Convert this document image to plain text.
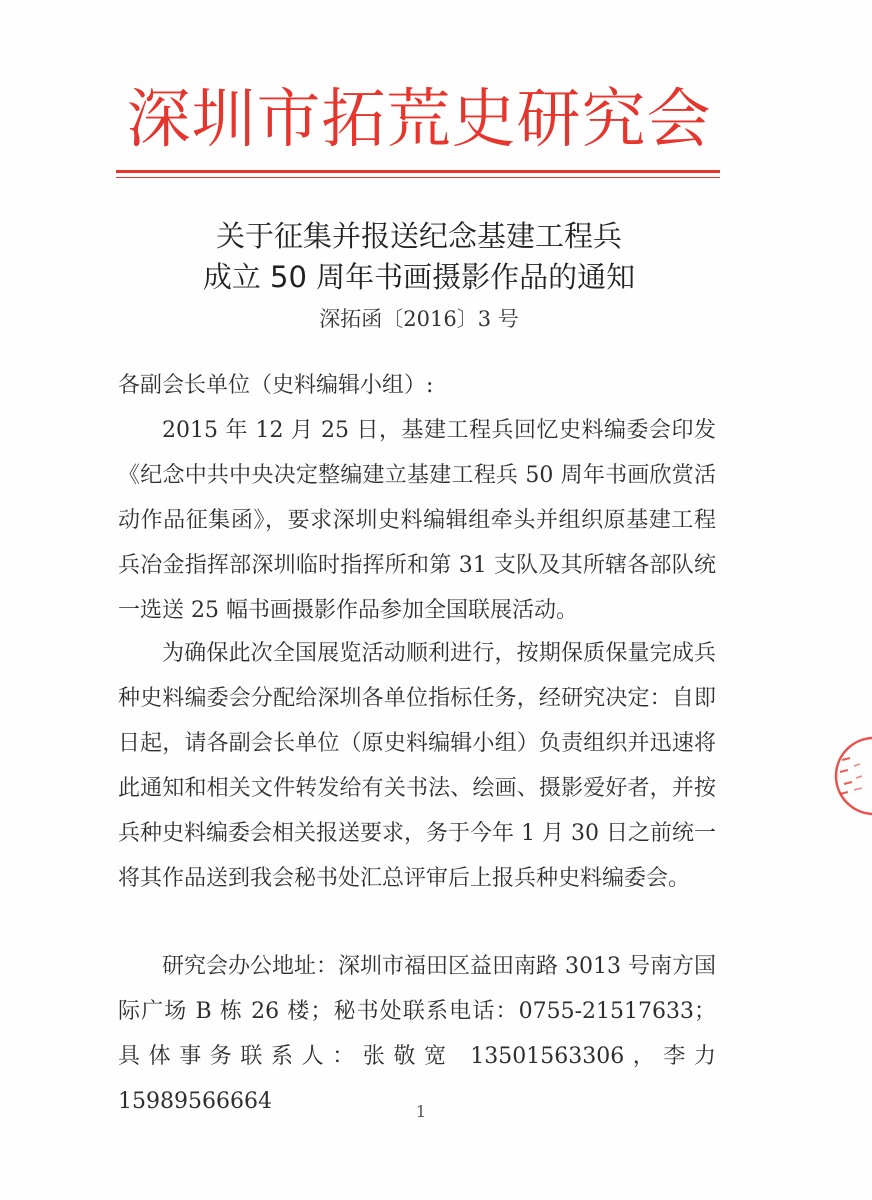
深圳市拓荒史研究会
关于征集并报送纪念基建工程兵
成立 50 周年书画摄影作品的通知
深拓函〔2016〕3 号
各副会长单位（史料编辑小组）:
2015 年 12 月 25 日，基建工程兵回忆史料编委会印发《纪念中共中央决定整编建立基建工程兵 50 周年书画欣赏活动作品征集函》，要求深圳史料编辑组牵头并组织原基建工程兵冶金指挥部深圳临时指挥所和第 31 支队及其所辖各部队统一选送 25 幅书画摄影作品参加全国联展活动。
为确保此次全国展览活动顺利进行，按期保质保量完成兵种史料编委会分配给深圳各单位指标任务，经研究决定：自即日起，请各副会长单位（原史料编辑小组）负责组织并迅速将此通知和相关文件转发给有关书法、绘画、摄影爱好者，并按兵种史料编委会相关报送要求，务于今年 1 月 30 日之前统一将其作品送到我会秘书处汇总评审后上报兵种史料编委会。
研究会办公地址：深圳市福田区益田南路 3013 号南方国际广场 B 栋 26 楼；秘书处联系电话：0755-21517633；具体事务联系人：张敬宽 13501563306，李力 15989566664	1
